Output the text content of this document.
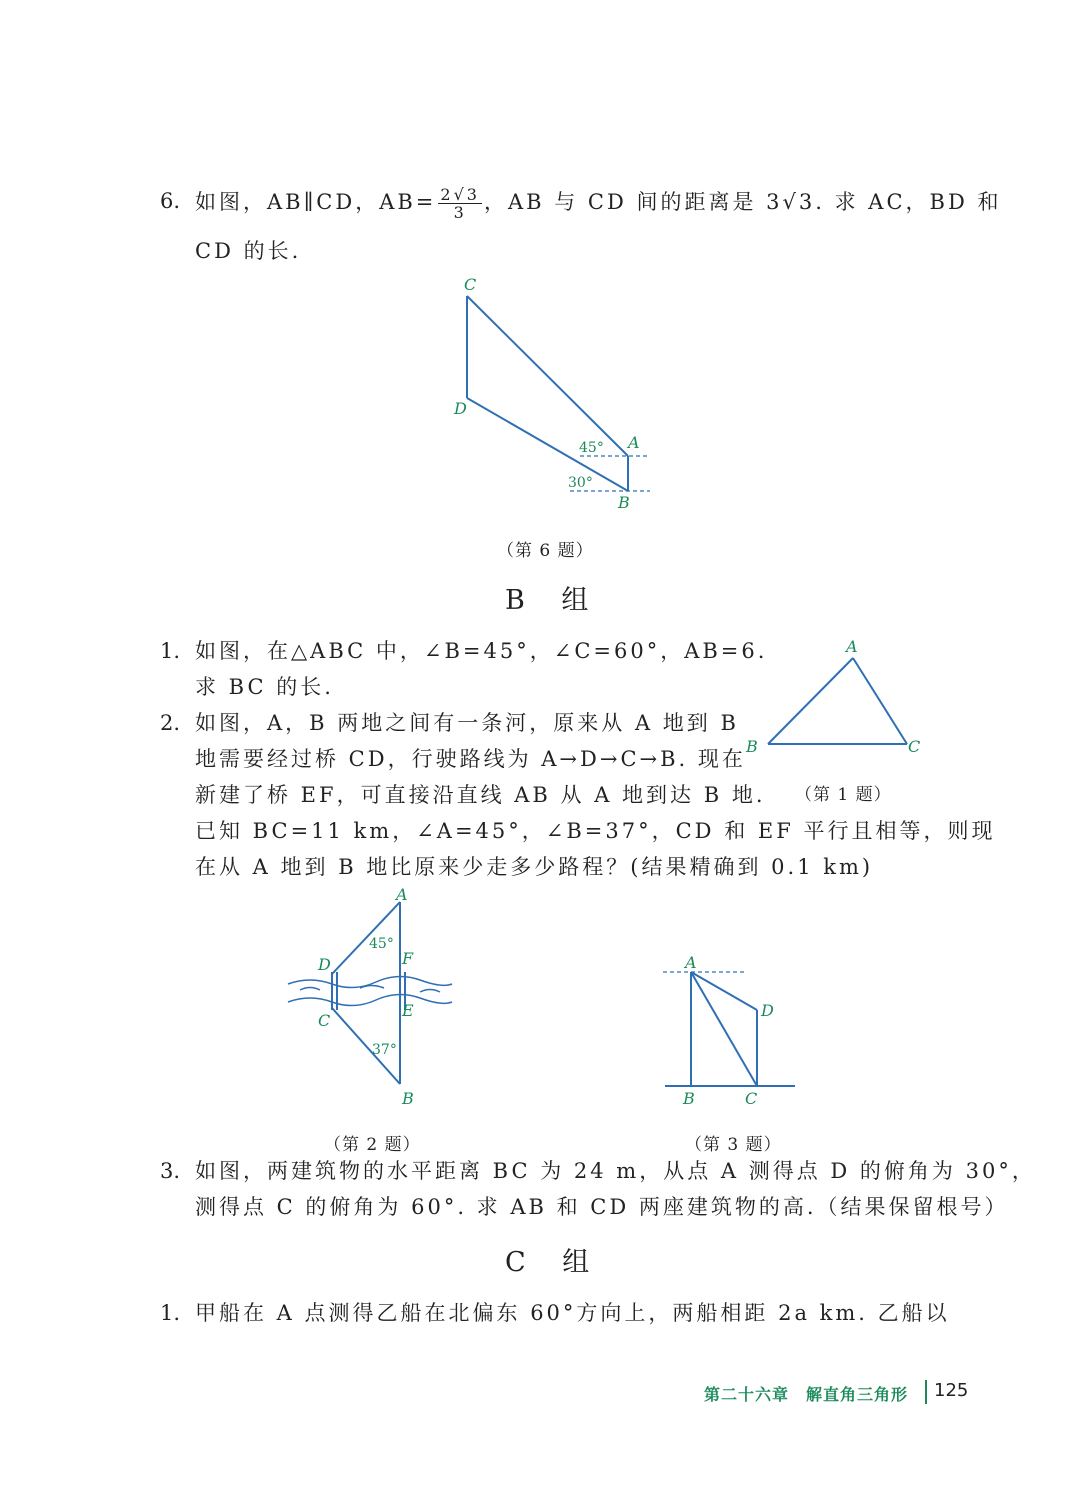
6. 如图，AB∥CD，$AB= \frac{2√3}{3}$ ，AB 与 CD 间的距离是 3√3. 求 AC，BD 和
CD 的长.
C
D
A
B
45°
30°
（第 6 题）
B 组
1. 如图，在△ABC 中，∠B=45°，∠C=60°，AB=6.
求 BC 的长.
2. 如图，A，B 两地之间有一条河，原来从 A 地到 B
地需要经过桥 CD，行驶路线为 A→D→C→B. 现在
新建了桥 EF，可直接沿直线 AB 从 A 地到达 B 地.
已知 BC=11 km，∠A=45°，∠B=37°，CD 和 EF 平行且相等，则现
在从 A 地到 B 地比原来少走多少路程？(结果精确到 0.1 km)
A
B	C
（第 1 题）
A
B
C
D
E
F
45°
37°
（第 2 题）
A
B	C
D
（第 3 题）
3. 如图，两建筑物的水平距离 BC 为 24 m，从点 A 测得点 D 的俯角为 30°，
测得点 C 的俯角为 60°. 求 AB 和 CD 两座建筑物的高.（结果保留根号）
C 组
1. 甲船在 A 点测得乙船在北偏东 60°方向上，两船相距 2a km. 乙船以
第二十六章　解直角三角形 125
